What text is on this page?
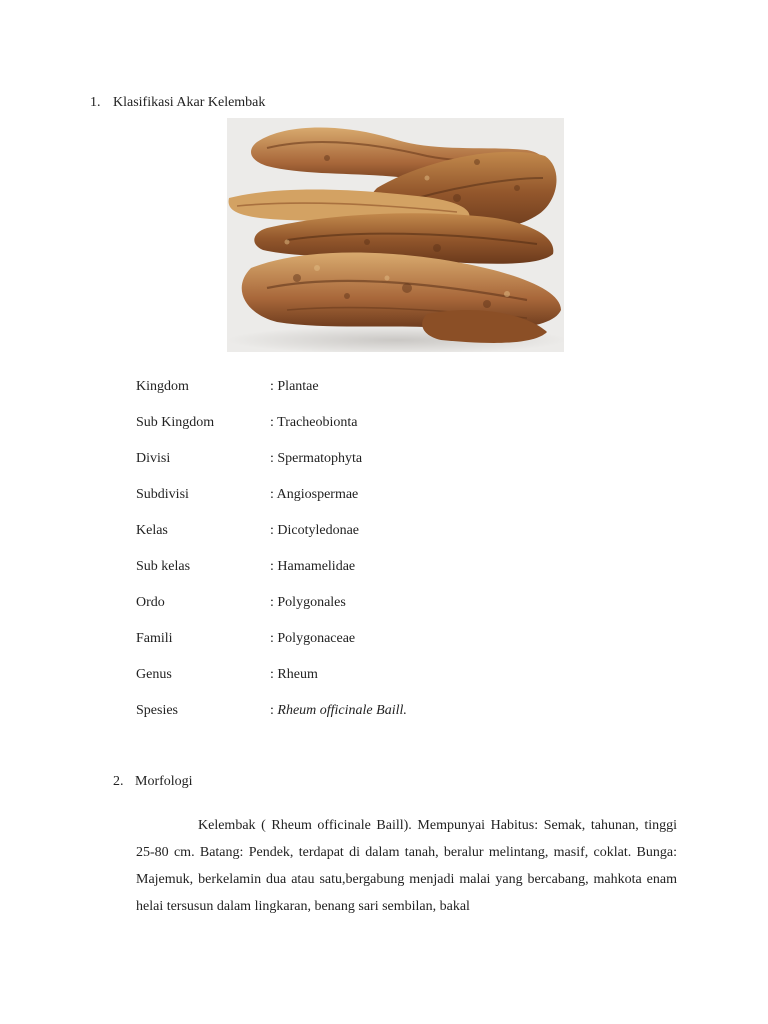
1. Klasifikasi Akar Kelembak
Kingdom	: Plantae
Sub Kingdom	: Tracheobionta
Divisi	: Spermatophyta
Subdivisi	: Angiospermae
Kelas	: Dicotyledonae
Sub kelas	: Hamamelidae
Ordo	: Polygonales
Famili	: Polygonaceae
Genus	: Rheum
Spesies	: Rheum officinale Baill.
2. Morfologi

Kelembak ( Rheum officinale Baill). Mempunyai Habitus: Semak, tahunan, tinggi 25-80 cm. Batang: Pendek, terdapat di dalam tanah, beralur melintang, masif, coklat. Bunga: Majemuk, berkelamin dua atau satu,bergabung menjadi malai yang bercabang, mahkota enam helai tersusun dalam lingkaran, benang sari sembilan, bakal
